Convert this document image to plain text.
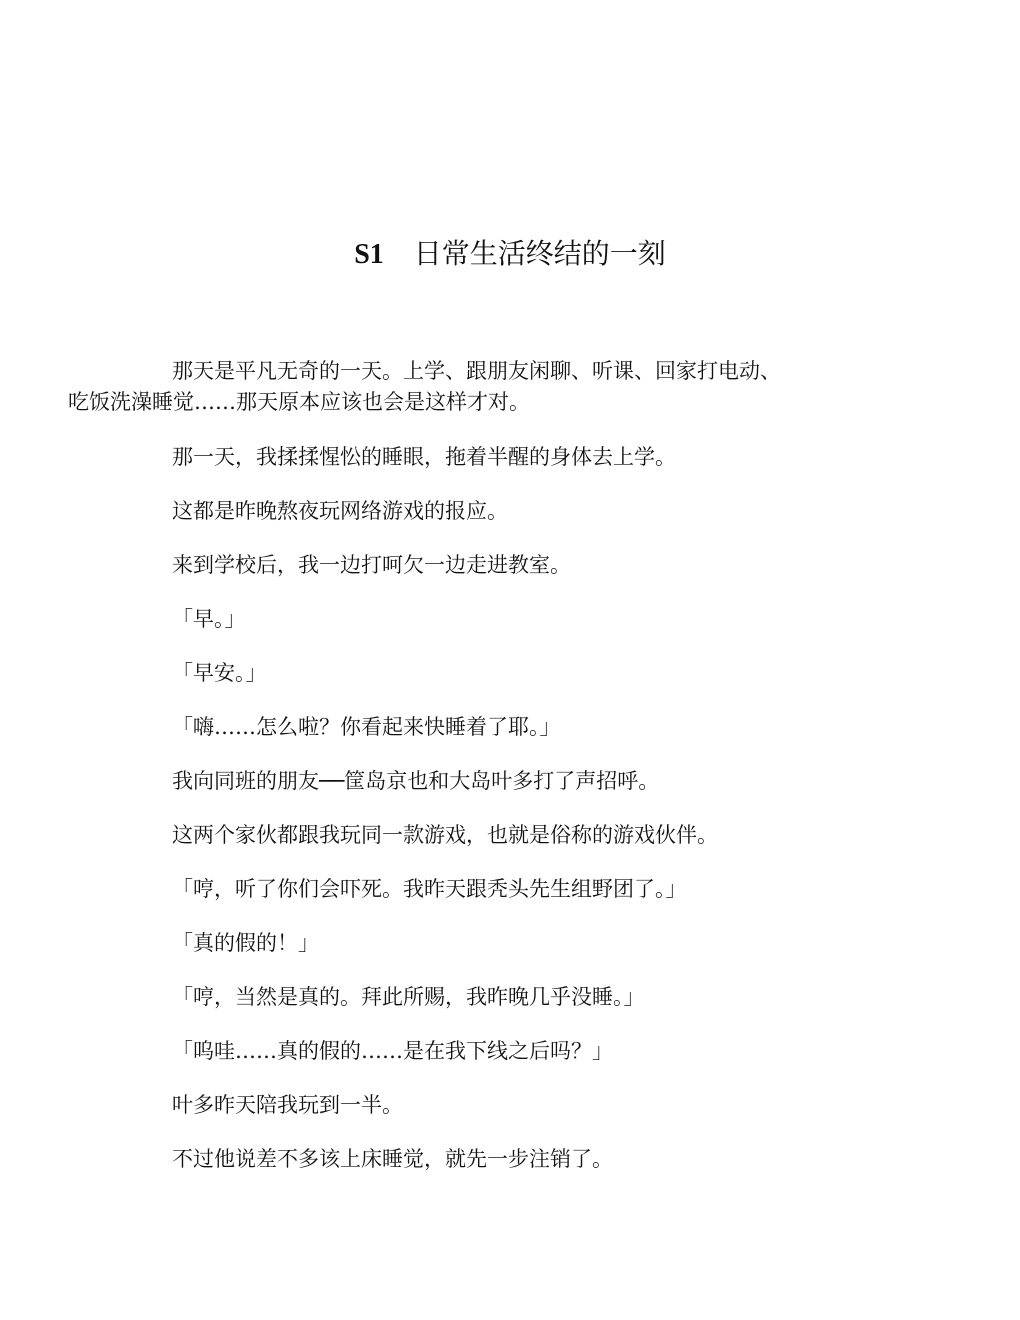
S1 日常生活终结的一刻

那天是平凡无奇的一天。上学、跟朋友闲聊、听课、回家打电动、
吃饭洗澡睡觉……那天原本应该也会是这样才对。

那一天，我揉揉惺忪的睡眼，拖着半醒的身体去上学。

这都是昨晚熬夜玩网络游戏的报应。

来到学校后，我一边打呵欠一边走进教室。

「早。」

「早安。」

「嗨……怎么啦？你看起来快睡着了耶。」

我向同班的朋友──筐岛京也和大岛叶多打了声招呼。

这两个家伙都跟我玩同一款游戏，也就是俗称的游戏伙伴。

「哼，听了你们会吓死。我昨天跟秃头先生组野团了。」

「真的假的！」

「哼，当然是真的。拜此所赐，我昨晚几乎没睡。」

「呜哇……真的假的……是在我下线之后吗？」

叶多昨天陪我玩到一半。

不过他说差不多该上床睡觉，就先一步注销了。
